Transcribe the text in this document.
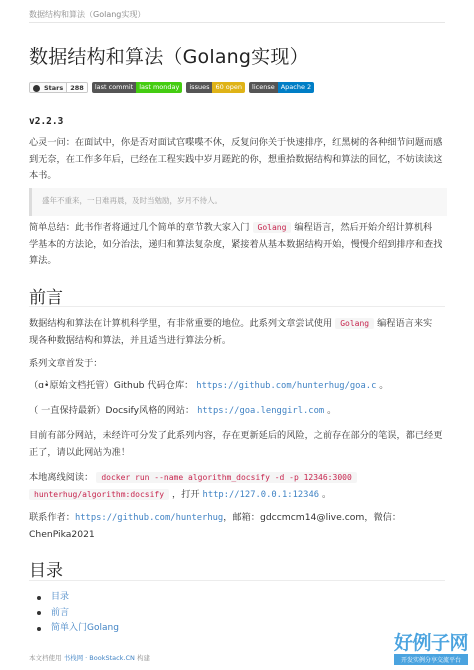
数据结构和算法（Golang实现）
数据结构和算法（Golang实现）
Stars	288	last commit last monday	issues 60 open	license Apache 2
v2.2.3
心灵一问：在面试中，你是否对面试官喋喋不休，反复问你关于快速排序，红黑树的各种细节问题而感
到无奈，在工作多年后，已经在工程实践中岁月蹉跎的你，想重拾数据结构和算法的回忆，不妨读读这
本书。
盛年不重来，一日难再晨，及时当勉励，岁月不待人。
简单总结：此书作者将通过几个简单的章节教大家入门 Golang 编程语言，然后开始介绍计算机科
学基本的方法论，如分治法，递归和算法复杂度，紧接着从基本数据结构开始，慢慢介绍到排序和查找
算法。
前言
数据结构和算法在计算机科学里，有非常重要的地位。此系列文章尝试使用 Golang 编程语言来实
现各种数据结构和算法，并且适当进行算法分析。
系列文章首发于：
（ɑ•̀原始文档托管）Github 代码仓库： https://github.com/hunterhug/goa.c 。
（ 一直保持最新）Docsify风格的网站： https://goa.lenggirl.com 。
目前有部分网站，未经许可分发了此系列内容，存在更新延后的风险，之前存在部分的笔误，都已经更
正了，请以此网站为准！
本地离线阅读： docker run --name algorithm_docsify -d -p 12346:3000
hunterhug/algorithm:docsify ，打开 http://127.0.0.1:12346 。
联系作者：https://github.com/hunterhug，邮箱：gdccmcm14@live.com，微信：
ChenPika2021
目录
目录
前言
简单入门Golang
本文档使用 书栈网 · BookStack.CN 构建
好例子网
开发实例分享交流平台
